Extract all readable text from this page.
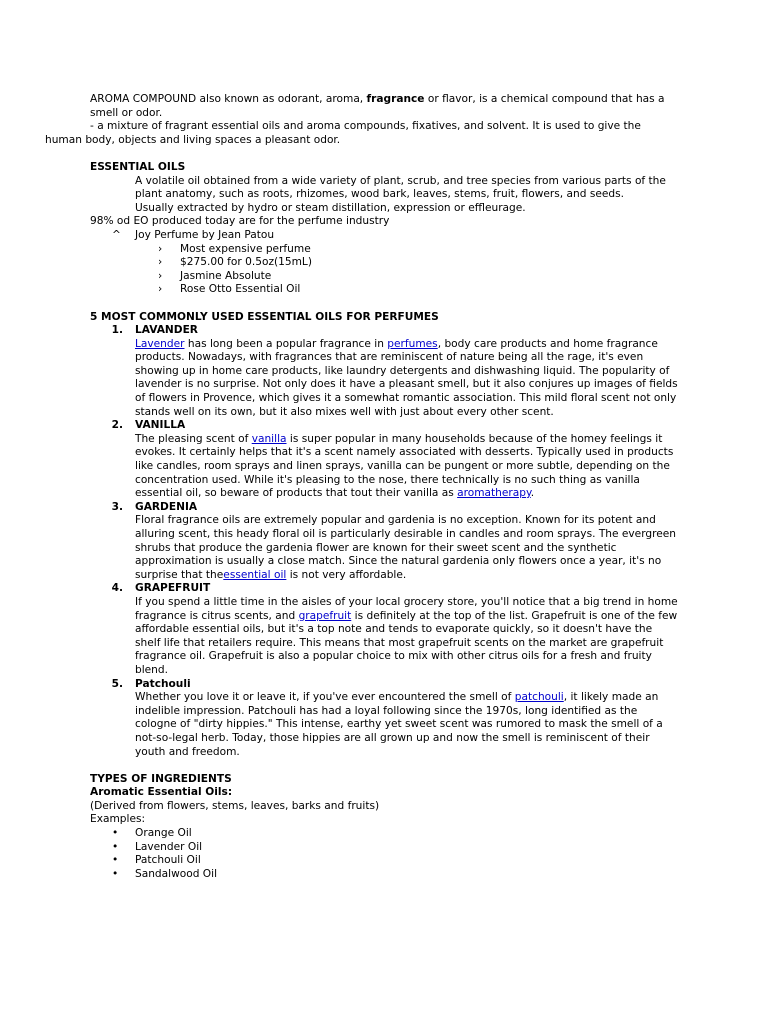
AROMA COMPOUND also known as odorant, aroma, fragrance or flavor, is a chemical compound that has a smell or odor.

- a mixture of fragrant essential oils and aroma compounds, fixatives, and solvent. It is used to give the human body, objects and living spaces a pleasant odor.

ESSENTIAL OILS

A volatile oil obtained from a wide variety of plant, scrub, and tree species from various parts of the plant anatomy, such as roots, rhizomes, wood bark, leaves, stems, fruit, flowers, and seeds.

Usually extracted by hydro or steam distillation, expression or effleurage.

98% od EO produced today are for the perfume industry

^	Joy Perfume by Jean Patou
›	Most expensive perfume
›	$275.00 for 0.5oz(15mL)
›	Jasmine Absolute
›	Rose Otto Essential Oil

5 MOST COMMONLY USED ESSENTIAL OILS FOR PERFUMES

1.	LAVANDER

Lavender has long been a popular fragrance in perfumes, body care products and home fragrance products. Nowadays, with fragrances that are reminiscent of nature being all the rage, it's even showing up in home care products, like laundry detergents and dishwashing liquid. The popularity of lavender is no surprise. Not only does it have a pleasant smell, but it also conjures up images of fields of flowers in Provence, which gives it a somewhat romantic association. This mild floral scent not only stands well on its own, but it also mixes well with just about every other scent.

2.	VANILLA

The pleasing scent of vanilla is super popular in many households because of the homey feelings it evokes. It certainly helps that it's a scent namely associated with desserts. Typically used in products like candles, room sprays and linen sprays, vanilla can be pungent or more subtle, depending on the concentration used. While it's pleasing to the nose, there technically is no such thing as vanilla essential oil, so beware of products that tout their vanilla as aromatherapy.

3.	GARDENIA

Floral fragrance oils are extremely popular and gardenia is no exception. Known for its potent and alluring scent, this heady floral oil is particularly desirable in candles and room sprays. The evergreen shrubs that produce the gardenia flower are known for their sweet scent and the synthetic approximation is usually a close match. Since the natural gardenia only flowers once a year, it's no surprise that theessential oil is not very affordable.

4.	GRAPEFRUIT

If you spend a little time in the aisles of your local grocery store, you'll notice that a big trend in home fragrance is citrus scents, and grapefruit is definitely at the top of the list. Grapefruit is one of the few affordable essential oils, but it's a top note and tends to evaporate quickly, so it doesn't have the shelf life that retailers require. This means that most grapefruit scents on the market are grapefruit fragrance oil. Grapefruit is also a popular choice to mix with other citrus oils for a fresh and fruity blend.

5.	Patchouli

Whether you love it or leave it, if you've ever encountered the smell of patchouli, it likely made an indelible impression. Patchouli has had a loyal following since the 1970s, long identified as the cologne of "dirty hippies." This intense, earthy yet sweet scent was rumored to mask the smell of a not-so-legal herb. Today, those hippies are all grown up and now the smell is reminiscent of their youth and freedom.

TYPES OF INGREDIENTS

Aromatic Essential Oils:

(Derived from flowers, stems, leaves, barks and fruits)

Examples:

•	Orange Oil
•	Lavender Oil
•	Patchouli Oil
•	Sandalwood Oil
